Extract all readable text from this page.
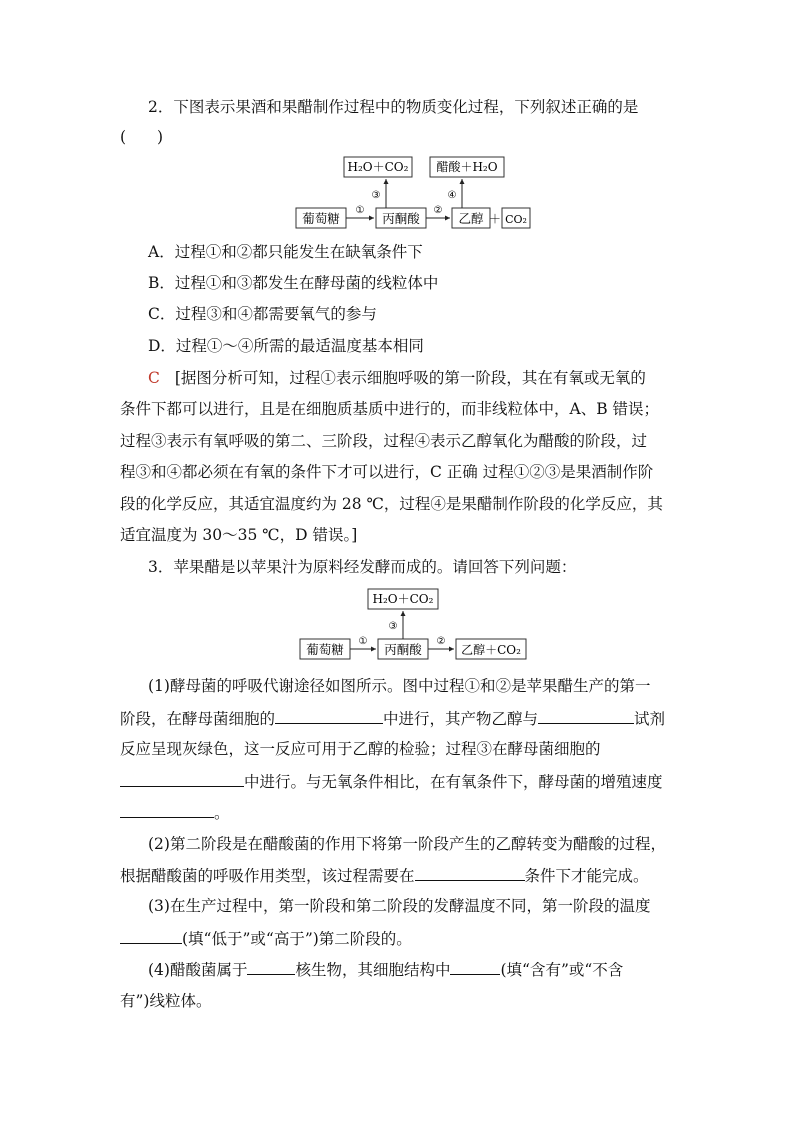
2．下图表示果酒和果醋制作过程中的物质变化过程，下列叙述正确的是
(　　)
H₂O＋CO₂ 醋酸＋H₂O
葡萄糖	丙酮酸	乙醇 ＋ CO₂
①	②
③	④
A．过程①和②都只能发生在缺氧条件下
B．过程①和③都发生在酵母菌的线粒体中
C．过程③和④都需要氧气的参与
D．过程①～④所需的最适温度基本相同
C [据图分析可知，过程①表示细胞呼吸的第一阶段，其在有氧或无氧的
条件下都可以进行，且是在细胞质基质中进行的，而非线粒体中，A、B 错误；
过程③表示有氧呼吸的第二、三阶段，过程④表示乙醇氧化为醋酸的阶段，过
程③和④都必须在有氧的条件下才可以进行，C 正确 过程①②③是果酒制作阶
段的化学反应，其适宜温度约为 28 ℃，过程④是果醋制作阶段的化学反应，其
适宜温度为 30～35 ℃，D 错误。]
3．苹果醋是以苹果汁为原料经发酵而成的。请回答下列问题：
H₂O＋CO₂
葡萄糖	丙酮酸	乙醇＋CO₂
①	②
③
(1)酵母菌的呼吸代谢途径如图所示。图中过程①和②是苹果醋生产的第一
阶段，在酵母菌细胞的	中进行，其产物乙醇与	试剂
反应呈现灰绿色，这一反应可用于乙醇的检验；过程③在酵母菌细胞的
中进行。与无氧条件相比，在有氧条件下，酵母菌的增殖速度
。
(2)第二阶段是在醋酸菌的作用下将第一阶段产生的乙醇转变为醋酸的过程，
根据醋酸菌的呼吸作用类型，该过程需要在	条件下才能完成。
(3)在生产过程中，第一阶段和第二阶段的发酵温度不同，第一阶段的温度
(填“低于”或“高于”)第二阶段的。
(4)醋酸菌属于	核生物，其细胞结构中	(填“含有”或“不含
有”)线粒体。
